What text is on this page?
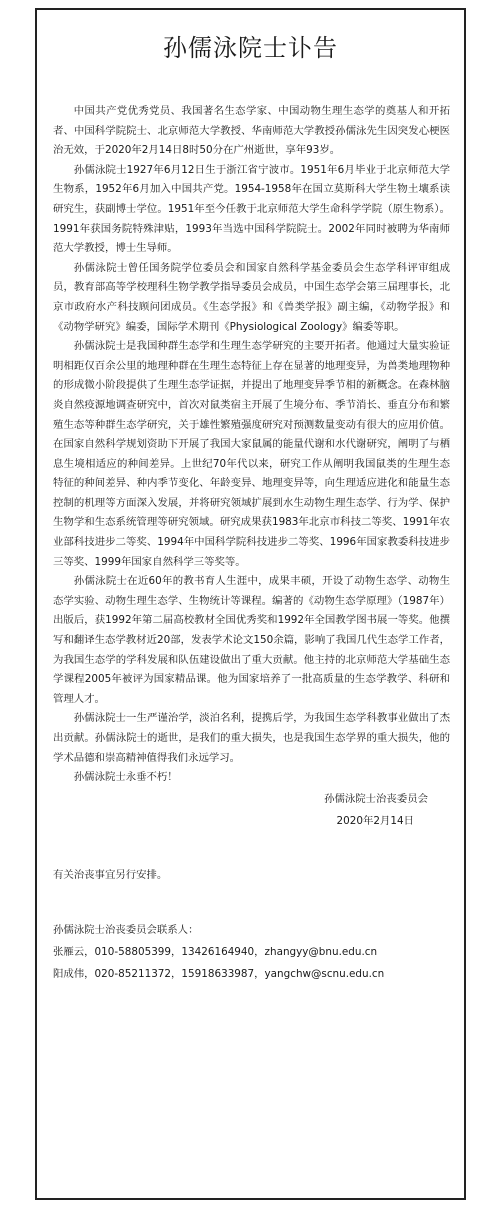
孙儒泳院士讣告

中国共产党优秀党员、我国著名生态学家、中国动物生理生态学的奠基人和开拓者、中国科学院院士、北京师范大学教授、华南师范大学教授孙儒泳先生因突发心梗医治无效，于2020年2月14日8时50分在广州逝世，享年93岁。

孙儒泳院士1927年6月12日生于浙江省宁波市。1951年6月毕业于北京师范大学生物系，1952年6月加入中国共产党。1954-1958年在国立莫斯科大学生物土壤系读研究生，获副博士学位。1951年至今任教于北京师范大学生命科学学院（原生物系）。1991年获国务院特殊津贴，1993年当选中国科学院院士。2002年同时被聘为华南师范大学教授，博士生导师。

孙儒泳院士曾任国务院学位委员会和国家自然科学基金委员会生态学科评审组成员，教育部高等学校理科生物学教学指导委员会成员，中国生态学会第三届理事长，北京市政府水产科技顾问团成员。《生态学报》和《兽类学报》副主编，《动物学报》和《动物学研究》编委，国际学术期刊《Physiological Zoology》编委等职。

孙儒泳院士是我国种群生态学和生理生态学研究的主要开拓者。他通过大量实验证明相距仅百余公里的地理种群在生理生态特征上存在显著的地理变异，为兽类地理物种的形成微小阶段提供了生理生态学证据，并提出了地理变异季节相的新概念。在森林脑炎自然疫源地调查研究中，首次对鼠类宿主开展了生境分布、季节消长、垂直分布和繁殖生态等种群生态学研究，关于雄性繁殖强度研究对预测数量变动有很大的应用价值。在国家自然科学规划资助下开展了我国大家鼠属的能量代谢和水代谢研究，阐明了与栖息生境相适应的种间差异。上世纪70年代以来，研究工作从阐明我国鼠类的生理生态特征的种间差异、种内季节变化、年龄变异、地理变异等，向生理适应进化和能量生态控制的机理等方面深入发展，并将研究领域扩展到水生动物生理生态学、行为学、保护生物学和生态系统管理等研究领域。研究成果获1983年北京市科技二等奖、1991年农业部科技进步二等奖、1994年中国科学院科技进步二等奖、1996年国家教委科技进步三等奖、1999年国家自然科学三等奖等。

孙儒泳院士在近60年的教书育人生涯中，成果丰硕，开设了动物生态学、动物生态学实验、动物生理生态学、生物统计等课程。编著的《动物生态学原理》（1987年）出版后，获1992年第二届高校教材全国优秀奖和1992年全国教学图书展一等奖。他撰写和翻译生态学教材近20部，发表学术论文150余篇，影响了我国几代生态学工作者，为我国生态学的学科发展和队伍建设做出了重大贡献。他主持的北京师范大学基础生态学课程2005年被评为国家精品课。他为国家培养了一批高质量的生态学教学、科研和管理人才。

孙儒泳院士一生严谨治学，淡泊名利，提携后学，为我国生态学科教事业做出了杰出贡献。孙儒泳院士的逝世，是我们的重大损失，也是我国生态学界的重大损失，他的学术品德和崇高精神值得我们永远学习。

孙儒泳院士永垂不朽！

孙儒泳院士治丧委员会

2020年2月14日

有关治丧事宜另行安排。

孙儒泳院士治丧委员会联系人：

张雁云，010-58805399，13426164940，zhangyy@bnu.edu.cn

阳成伟，020-85211372，15918633987，yangchw@scnu.edu.cn
